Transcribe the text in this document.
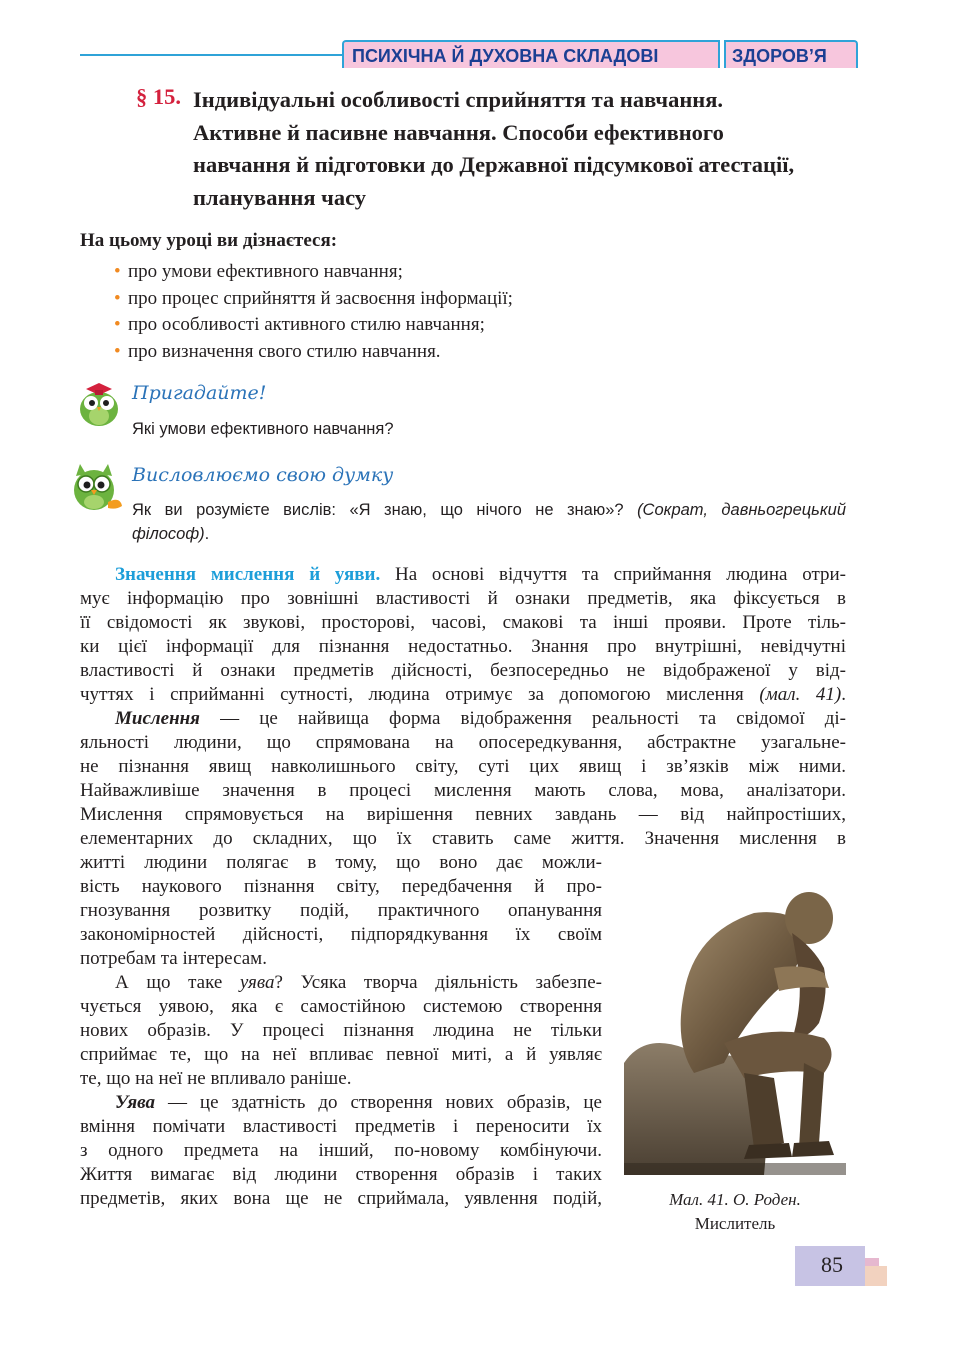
ПСИХІЧНА Й ДУХОВНА СКЛАДОВІ	ЗДОРОВ’Я
§ 15. Індивідуальні особливості сприйняття та навчання.
Активне й пасивне навчання. Способи ефективного
навчання й підготовки до Державної підсумкової атестації,
планування часу
На цьому уроці ви дізнаєтеся:
• про умови ефективного навчання;
• про процес сприйняття й засвоєння інформації;
• про особливості активного стилю навчання;
• про визначення свого стилю навчання.
Пригадайте!
Які умови ефективного навчання?
Висловлюємо свою думку
Як ви розумієте вислів: «Я знаю, що нічого не знаю»? (Сократ, давньогрецький
філософ).
Значення мислення й уяви. На основі відчуття та сприймання людина отри-
мує інформацію про зовнішні властивості й ознаки предметів, яка фіксується в
її свідомості як звукові, просторові, часові, смакові та інші прояви. Проте тіль-
ки цієї інформації для пізнання недостатньо. Знання про внутрішні, невідчутні
властивості й ознаки предметів дійсності, безпосередньо не відображеної у від-
чуттях і сприйманні сутності, людина отримує за допомогою мислення (мал. 41).
Мислення — це найвища форма відображення реальності та свідомої ді-
яльності людини, що спрямована на опосередкування, абстрактне узагальне-
не пізнання явищ навколишнього світу, суті цих явищ і зв’язків між ними.
Найважливіше значення в процесі мислення мають слова, мова, аналізатори.
Мислення спрямовується на вирішення певних завдань — від найпростіших,
елементарних до складних, що їх ставить саме життя. Значення мислення в
житті людини полягає в тому, що воно дає можли-
вість наукового пізнання світу, передбачення й про-
гнозування розвитку подій, практичного опанування
закономірностей дійсності, підпорядкування їх своїм
потребам та інтересам.
А що таке уява? Усяка творча діяльність забезпе-
чується уявою, яка є самостійною системою створення
нових образів. У процесі пізнання людина не тільки
сприймає те, що на неї впливає певної миті, а й уявляє
те, що на неї не впливало раніше.
Уява — це здатність до створення нових образів, це
вміння помічати властивості предметів і переносити їх
з одного предмета на інший, по-новому комбінуючи.
Життя вимагає від людини створення образів і таких
предметів, яких вона ще не сприймала, уявлення подій,	Мал. 41. О. Роден.
Мислитель
85
